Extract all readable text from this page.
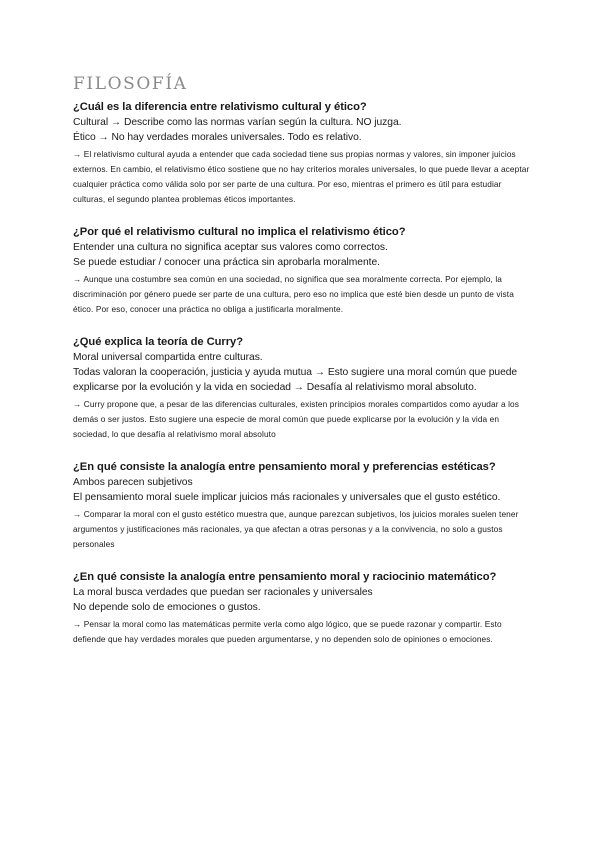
FILOSOFÍA

¿Cuál es la diferencia entre relativismo cultural y ético?

Cultural → Describe como las normas varían según la cultura. NO juzga.

Ético → No hay verdades morales universales. Todo es relativo.

→ El relativismo cultural ayuda a entender que cada sociedad tiene sus propias normas y valores, sin imponer juicios externos. En cambio, el relativismo ético sostiene que no hay criterios morales universales, lo que puede llevar a aceptar cualquier práctica como válida solo por ser parte de una cultura. Por eso, mientras el primero es útil para estudiar culturas, el segundo plantea problemas éticos importantes.

¿Por qué el relativismo cultural no implica el relativismo ético?

Entender una cultura no significa aceptar sus valores como correctos.

Se puede estudiar / conocer una práctica sin aprobarla moralmente.

→ Aunque una costumbre sea común en una sociedad, no significa que sea moralmente correcta. Por ejemplo, la discriminación por género puede ser parte de una cultura, pero eso no implica que esté bien desde un punto de vista ético. Por eso, conocer una práctica no obliga a justificarla moralmente.

¿Qué explica la teoría de Curry?

Moral universal compartida entre culturas.

Todas valoran la cooperación, justicia y ayuda mutua → Esto sugiere una moral común que puede explicarse por la evolución y la vida en sociedad → Desafía al relativismo moral absoluto.

→ Curry propone que, a pesar de las diferencias culturales, existen principios morales compartidos como ayudar a los demás o ser justos. Esto sugiere una especie de moral común que puede explicarse por la evolución y la vida en sociedad, lo que desafía al relativismo moral absoluto

¿En qué consiste la analogía entre pensamiento moral y preferencias estéticas?

Ambos parecen subjetivos

El pensamiento moral suele implicar juicios más racionales y universales que el gusto estético.

→ Comparar la moral con el gusto estético muestra que, aunque parezcan subjetivos, los juicios morales suelen tener argumentos y justificaciones más racionales, ya que afectan a otras personas y a la convivencia, no solo a gustos personales

¿En qué consiste la analogía entre pensamiento moral y raciocinio matemático?

La moral busca verdades que puedan ser racionales y universales

No depende solo de emociones o gustos.

→ Pensar la moral como las matemáticas permite verla como algo lógico, que se puede razonar y compartir. Esto defiende que hay verdades morales que pueden argumentarse, y no dependen solo de opiniones o emociones.
